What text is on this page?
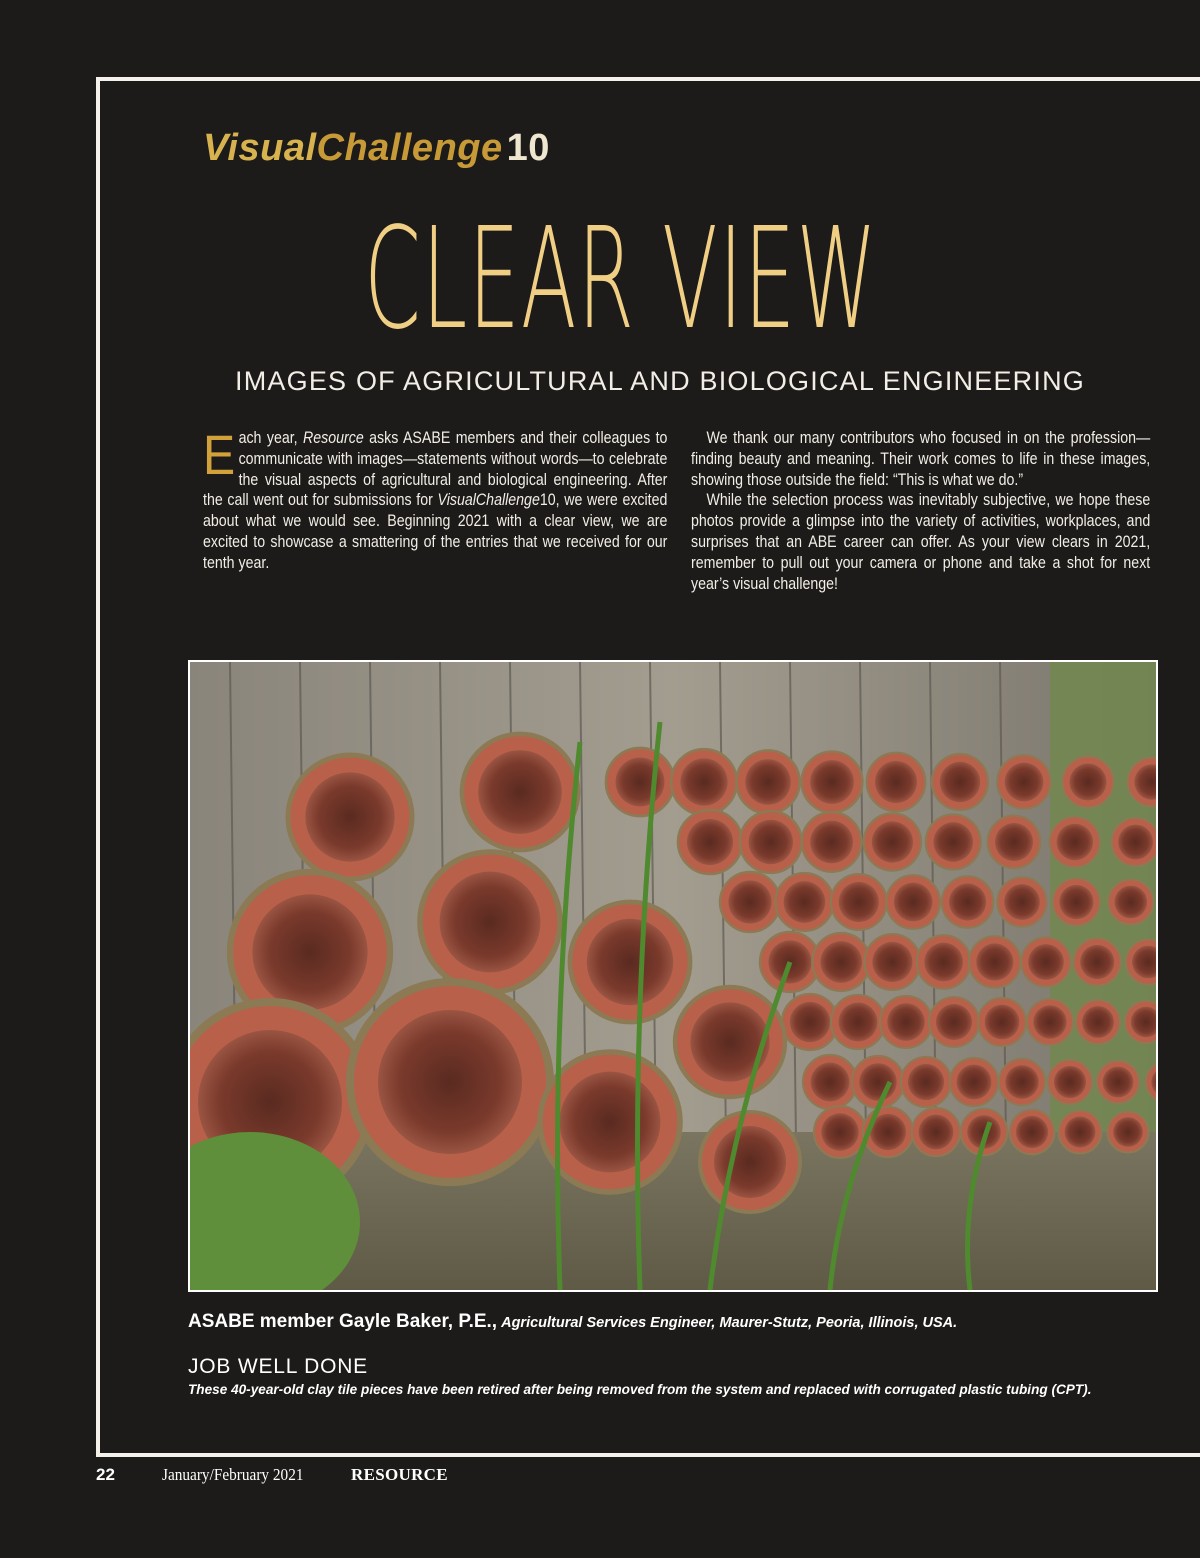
VisualChallenge 10
CLEAR VIEW
IMAGES OF AGRICULTURAL AND BIOLOGICAL ENGINEERING

Each year, Resource asks ASABE members and their colleagues to communicate with images—statements without words—to celebrate the visual aspects of agricultural and biological engineering. After the call went out for submissions for VisualChallenge10, we were excited about what we would see. Beginning 2021 with a clear view, we are excited to showcase a smattering of the entries that we received for our tenth year.

We thank our many contributors who focused in on the profession—finding beauty and meaning. Their work comes to life in these images, showing those outside the field: “This is what we do.”

While the selection process was inevitably subjective, we hope these photos provide a glimpse into the variety of activities, workplaces, and surprises that an ABE career can offer. As your view clears in 2021, remember to pull out your camera or phone and take a shot for next year’s visual challenge!

ASABE member Gayle Baker, P.E., Agricultural Services Engineer, Maurer-Stutz, Peoria, Illinois, USA.
JOB WELL DONE
These 40-year-old clay tile pieces have been retired after being removed from the system and replaced with corrugated plastic tubing (CPT).
22	January/February 2021	RESOURCE
